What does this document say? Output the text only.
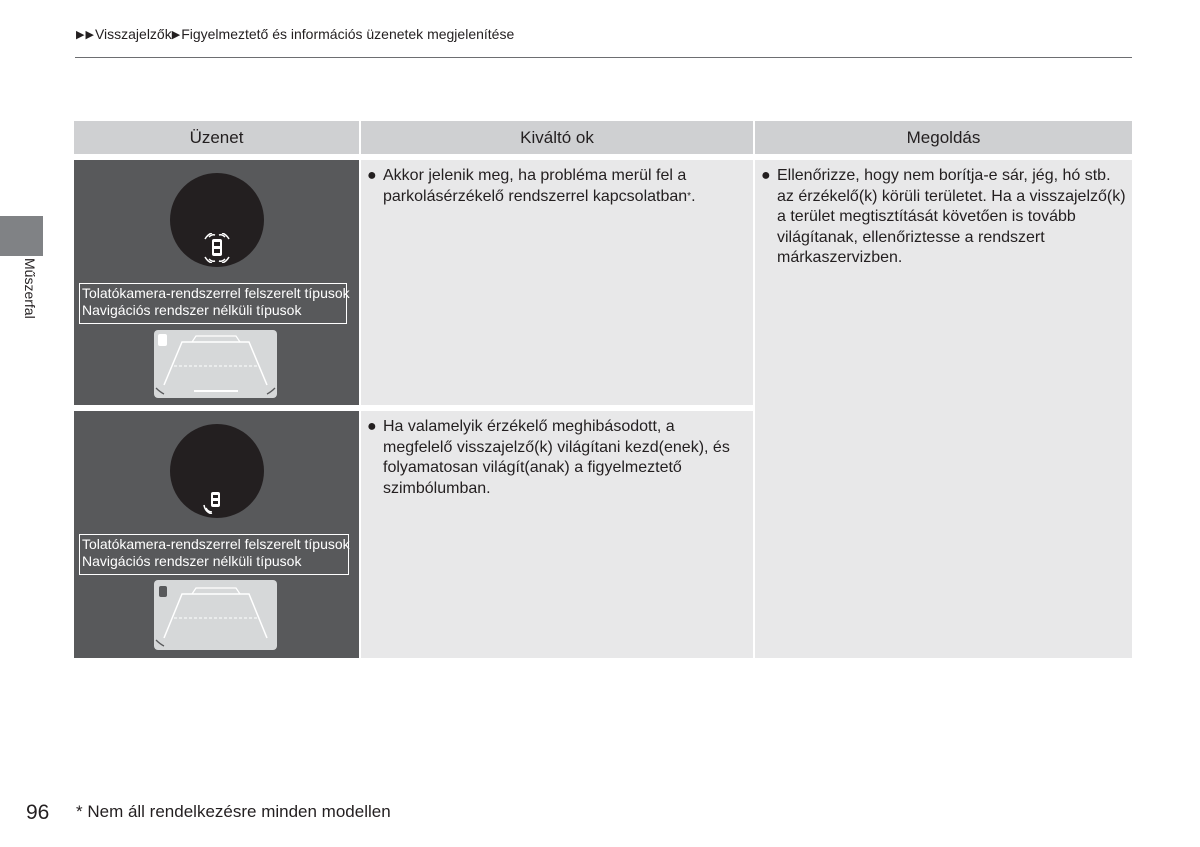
▶ ▶ Visszajelzők ▶ Figyelmeztető és információs üzenetek megjelenítése
Műszerfal
Üzenet	Kiváltó ok	Megoldás
Tolatókamera-rendszerrel felszerelt típusok
Navigációs rendszer nélküli típusok
● Akkor jelenik meg, ha probléma merül fel a parkolásérzékelő rendszerrel kapcsolatban*.
Tolatókamera-rendszerrel felszerelt típusok
Navigációs rendszer nélküli típusok
● Ha valamelyik érzékelő meghibásodott, a megfelelő visszajelző(k) világítani kezd(enek), és folyamatosan világít(anak) a figyelmeztető szimbólumban.
● Ellenőrizze, hogy nem borítja-e sár, jég, hó stb. az érzékelő(k) körüli területet. Ha a visszajelző(k) a terület megtisztítását követően is tovább világítanak, ellenőriztesse a rendszert márkaszervizben.
96 * Nem áll rendelkezésre minden modellen
